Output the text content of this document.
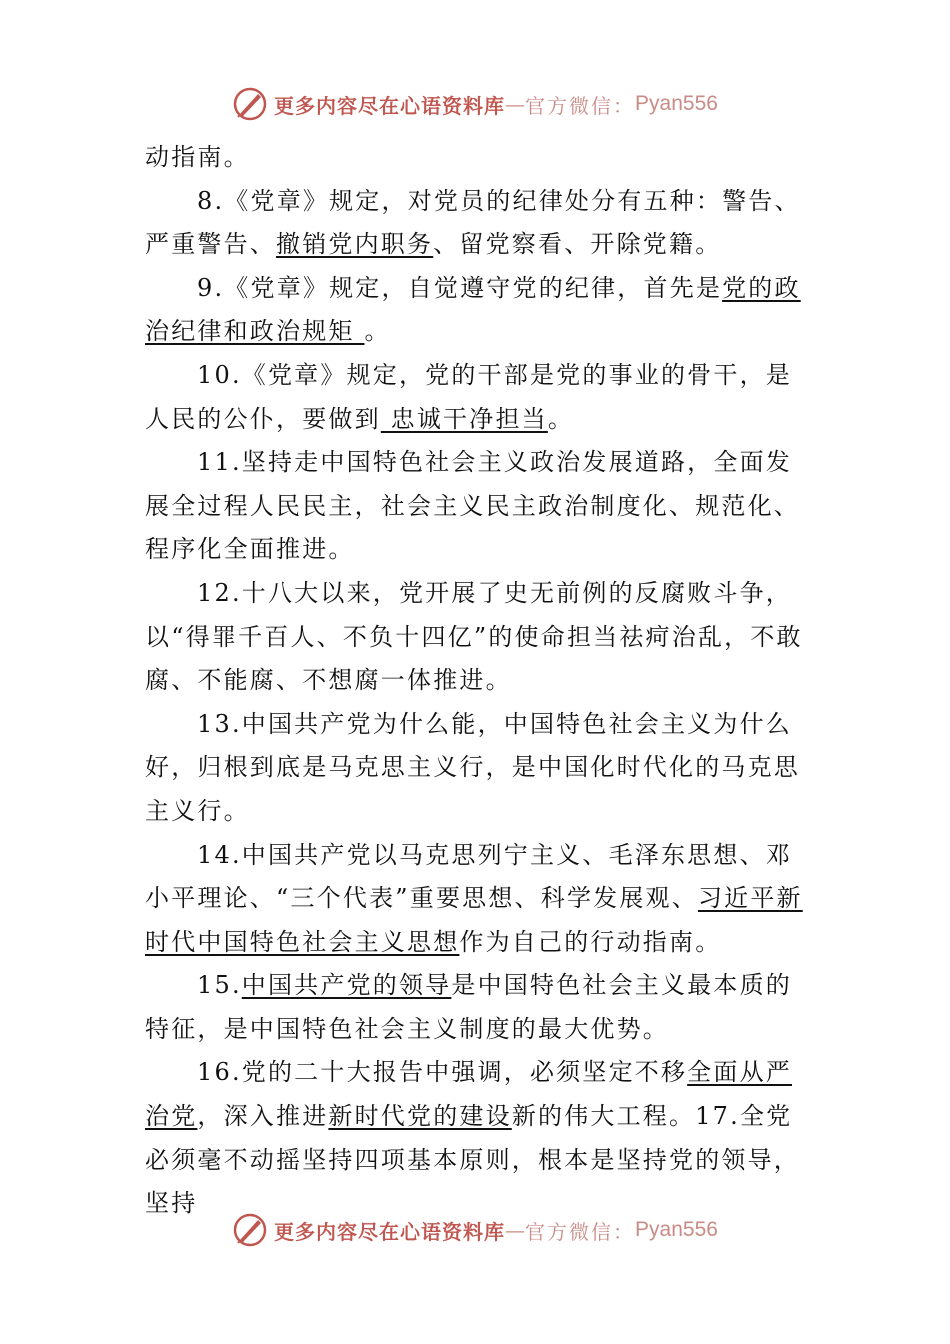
更多内容尽在心语资料库 — 官方微信： Pyan556

动指南。

8.《党章》规定，对党员的纪律处分有五种：警告、严重警告、撤销党内职务、留党察看、开除党籍。

9.《党章》规定，自觉遵守党的纪律，首先是党的政治纪律和政治规矩 。

10.《党章》规定，党的干部是党的事业的骨干，是人民的公仆，要做到 忠诚干净担当。

11.坚持走中国特色社会主义政治发展道路，全面发展全过程人民民主，社会主义民主政治制度化、规范化、程序化全面推进。

12.十八大以来，党开展了史无前例的反腐败斗争，以“得罪千百人、不负十四亿”的使命担当祛疴治乱，不敢腐、不能腐、不想腐一体推进。

13.中国共产党为什么能，中国特色社会主义为什么好，归根到底是马克思主义行，是中国化时代化的马克思主义行。

14.中国共产党以马克思列宁主义、毛泽东思想、邓小平理论、“三个代表”重要思想、科学发展观、习近平新时代中国特色社会主义思想作为自己的行动指南。

15.中国共产党的领导是中国特色社会主义最本质的特征，是中国特色社会主义制度的最大优势。

16.党的二十大报告中强调，必须坚定不移全面从严治党，深入推进新时代党的建设新的伟大工程。17.全党必须毫不动摇坚持四项基本原则，根本是坚持党的领导，坚持

更多内容尽在心语资料库 — 官方微信： Pyan556
